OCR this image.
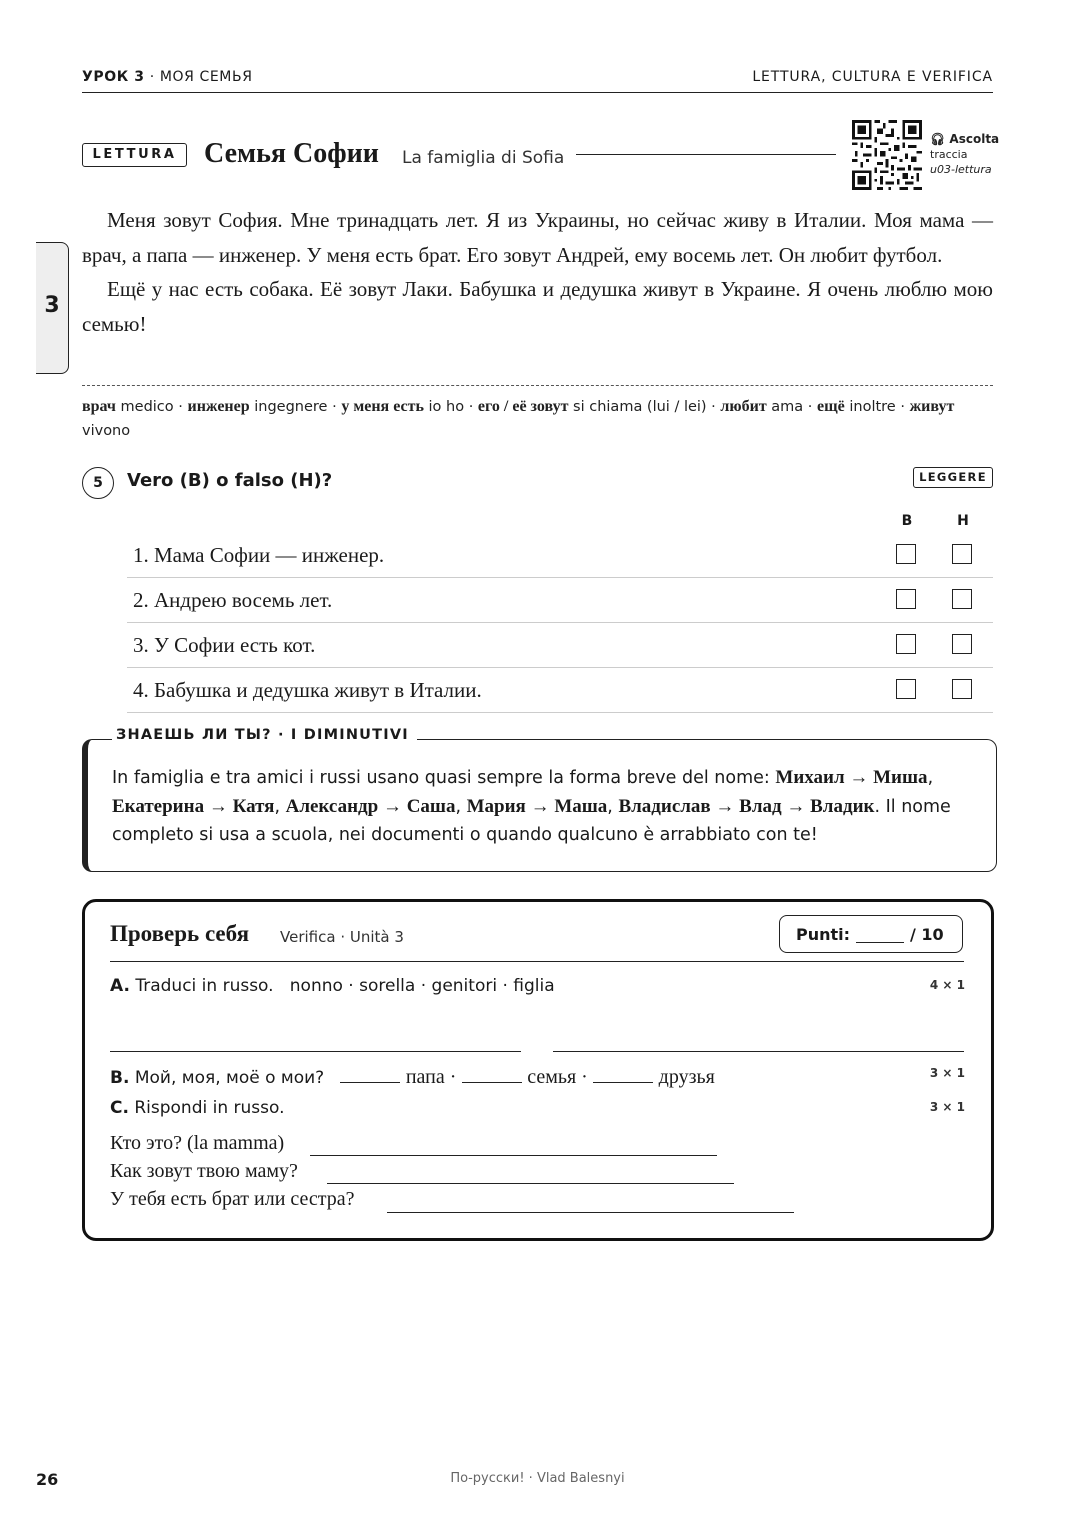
УРОК 3 · МОЯ СЕМЬЯ	LETTURA, CULTURA E VERIFICA
3
LETTURA Семья Софии La famiglia di Sofia
🎧︎ Ascolta
traccia
u03-lettura

Меня зовут София. Мне тринадцать лет. Я из Украины, но сейчас живу в Италии. Моя мама — врач, а папа — инженер. У меня есть брат. Его зовут Андрей, ему восемь лет. Он любит футбол.

Ещё у нас есть собака. Её зовут Лаки. Бабушка и дедушка живут в Украине. Я очень люблю мою семью!

врач medico · инженер ingegnere · у меня есть io ho · его / её зовут si chiama (lui / lei) · любит ama · ещё inoltre · живут vivono
5	Vero (В) o falso (Н)?	LEGGERE
В	Н
1. Мама Софии — инженер.
2. Андрею восемь лет.
3. У Софии есть кот.
4. Бабушка и дедушка живут в Италии.
ЗНАЕШЬ ЛИ ТЫ? · I DIMINUTIVI
In famiglia e tra amici i russi usano quasi sempre la forma breve del nome: Михаил → Миша, Екатерина → Катя, Александр → Саша, Мария → Маша, Владислав → Влад → Владик. Il nome completo si usa a scuola, nei documenti o quando qualcuno è arrabbiato con te!
Проверь себя Verifica · Unità 3	Punti:	/ 10
A. Traduci in russo. nonno · sorella · genitori · figlia	4 × 1
B. Мой, моя, моё o мои?	папа ·	семья ·	друзья	3 × 1
C. Rispondi in russo.	3 × 1
Кто это? (la mamma)
Как зовут твою маму?
У тебя есть брат или сестра?
26	По-русски! · Vlad Balesnyi
